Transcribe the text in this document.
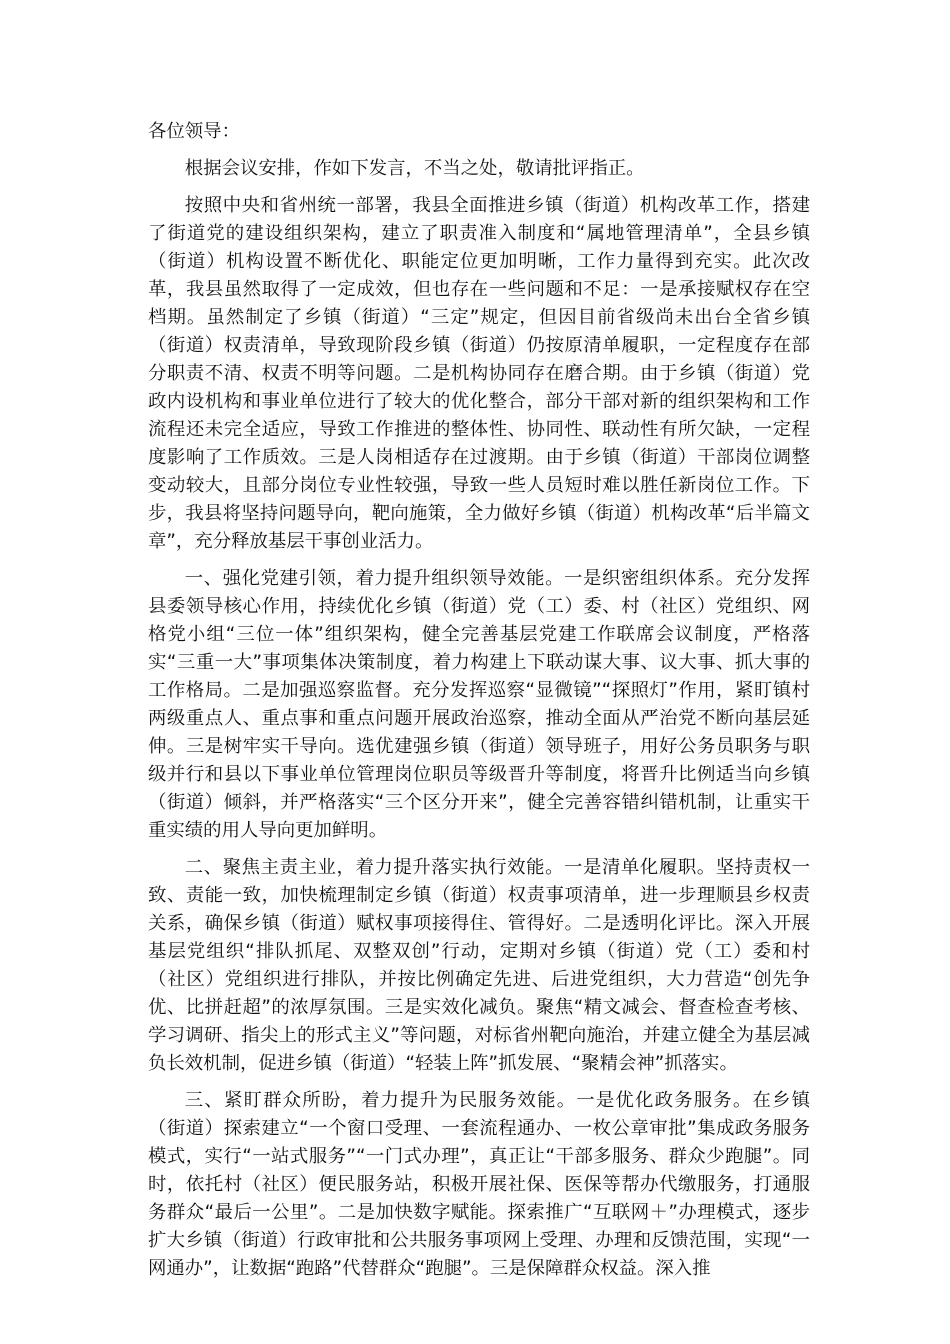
各位领导：

根据会议安排，作如下发言，不当之处，敬请批评指正。

按照中央和省州统一部署，我县全面推进乡镇（街道）机构改革工作，搭建了街道党的建设组织架构，建立了职责准入制度和“属地管理清单”，全县乡镇（街道）机构设置不断优化、职能定位更加明晰，工作力量得到充实。此次改革，我县虽然取得了一定成效，但也存在一些问题和不足：一是承接赋权存在空档期。虽然制定了乡镇（街道）“三定”规定，但因目前省级尚未出台全省乡镇（街道）权责清单，导致现阶段乡镇（街道）仍按原清单履职，一定程度存在部分职责不清、权责不明等问题。二是机构协同存在磨合期。由于乡镇（街道）党政内设机构和事业单位进行了较大的优化整合，部分干部对新的组织架构和工作流程还未完全适应，导致工作推进的整体性、协同性、联动性有所欠缺，一定程度影响了工作质效。三是人岗相适存在过渡期。由于乡镇（街道）干部岗位调整变动较大，且部分岗位专业性较强，导致一些人员短时难以胜任新岗位工作。下步，我县将坚持问题导向，靶向施策，全力做好乡镇（街道）机构改革“后半篇文章”，充分释放基层干事创业活力。

一、强化党建引领，着力提升组织领导效能。一是织密组织体系。充分发挥县委领导核心作用，持续优化乡镇（街道）党（工）委、村（社区）党组织、网格党小组“三位一体”组织架构，健全完善基层党建工作联席会议制度，严格落实“三重一大”事项集体决策制度，着力构建上下联动谋大事、议大事、抓大事的工作格局。二是加强巡察监督。充分发挥巡察“显微镜”“探照灯”作用，紧盯镇村两级重点人、重点事和重点问题开展政治巡察，推动全面从严治党不断向基层延伸。三是树牢实干导向。选优建强乡镇（街道）领导班子，用好公务员职务与职级并行和县以下事业单位管理岗位职员等级晋升等制度，将晋升比例适当向乡镇（街道）倾斜，并严格落实“三个区分开来”，健全完善容错纠错机制，让重实干重实绩的用人导向更加鲜明。

二、聚焦主责主业，着力提升落实执行效能。一是清单化履职。坚持责权一致、责能一致，加快梳理制定乡镇（街道）权责事项清单，进一步理顺县乡权责关系，确保乡镇（街道）赋权事项接得住、管得好。二是透明化评比。深入开展基层党组织“排队抓尾、双整双创”行动，定期对乡镇（街道）党（工）委和村（社区）党组织进行排队，并按比例确定先进、后进党组织，大力营造“创先争优、比拼赶超”的浓厚氛围。三是实效化减负。聚焦“精文减会、督查检查考核、学习调研、指尖上的形式主义”等问题，对标省州靶向施治，并建立健全为基层减负长效机制，促进乡镇（街道）“轻装上阵”抓发展、“聚精会神”抓落实。

三、紧盯群众所盼，着力提升为民服务效能。一是优化政务服务。在乡镇（街道）探索建立“一个窗口受理、一套流程通办、一枚公章审批”集成政务服务模式，实行“一站式服务”“一门式办理”，真正让“干部多服务、群众少跑腿”。同时，依托村（社区）便民服务站，积极开展社保、医保等帮办代缴服务，打通服务群众“最后一公里”。二是加快数字赋能。探索推广“互联网＋”办理模式，逐步扩大乡镇（街道）行政审批和公共服务事项网上受理、办理和反馈范围，实现“一网通办”，让数据“跑路”代替群众“跑腿”。三是保障群众权益。深入推
